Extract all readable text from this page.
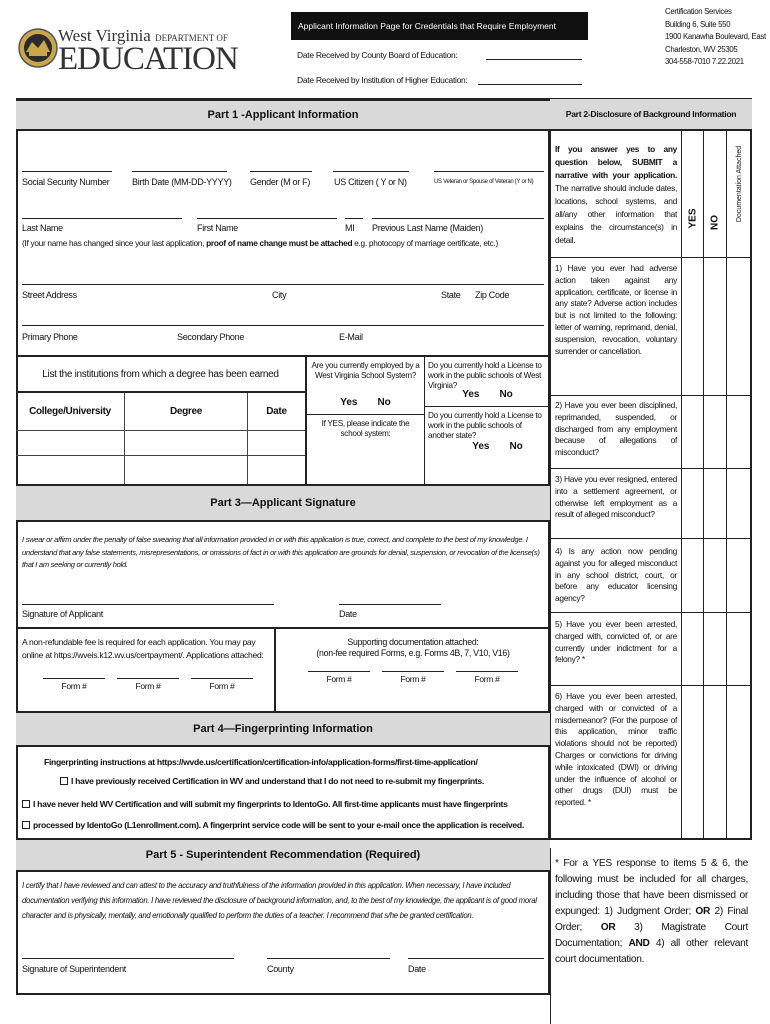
West Virginia DEPARTMENT OF
EDUCATION
Applicant Information Page for Credentials that Require Employment
Date Received by County Board of Education:
Date Received by Institution of Higher Education:
Certification Services
Building 6, Suite 550
1900 Kanawha Boulevard, East
Charleston, WV 25305
304-558-7010 7.22.2021
Part 1 -Applicant Information
Social Security Number	Birth Date (MM-DD-YYYY) Gender (M or F)	US Citizen ( Y or N)	US Veteran or Spouse of Veteran (Y or N)
Last Name	First Name	MI Previous Last Name (Maiden)
(If your name has changed since your last application, proof of name change must be attached e.g. photocopy of marriage certificate, etc.)
Street Address	City	State Zip Code
Primary Phone	Secondary Phone	E-Mail
List the institutions from which a degree has been earned
College/University	Degree	Date
Are you currently employed by a West Virginia School System?
Yes No
If YES, please indicate the school system:
Do you currently hold a License to work in the public schools of West Virginia?
Yes No
Do you currently hold a License to work in the public schools of another state?
Yes No
Part 3—Applicant Signature
I swear or affirm under the penalty of false swearing that all information provided in or with this application is true, correct, and complete to the best of my knowledge. I understand that any false statements, misrepresentations, or omissions of fact in or with this application are grounds for denial, suspension, or revocation of the license(s) that I am seeking or currently hold.
Signature of Applicant	Date
A non-refundable fee is required for each application. You may pay online at https://wveis.k12.wv.us/certpayment/. Applications attached:
Form #	Form #	Form #
Supporting documentation attached:
(non-fee required Forms, e.g. Forms 4B, 7, V10, V16)
Form #	Form #	Form #
Part 4—Fingerprinting Information
Fingerprinting instructions at https://wvde.us/certification/certification-info/application-forms/first-time-application/
I have previously received Certification in WV and understand that I do not need to re-submit my fingerprints.
I have never held WV Certification and will submit my fingerprints to IdentoGo. All first-time applicants must have fingerprints
processed by IdentoGo (L1enrollment.com). A fingerprint service code will be sent to your e-mail once the application is received.
Part 5 - Superintendent Recommendation (Required)
I certify that I have reviewed and can attest to the accuracy and truthfulness of the information provided in this application. When necessary, I have included documentation verifying this information. I have reviewed the disclosure of background information, and, to the best of my knowledge, the applicant is of good moral character and is physically, mentally, and emotionally qualified to perform the duties of a teacher. I recommend that s/he be granted certification.
Signature of Superintendent	County	Date
Part 2-Disclosure of Background Information
If you answer yes to any question below, SUBMIT a narrative with your application. The narrative should include dates, locations, school systems, and all/any other information that explains the circumstance(s) in detail.
YES NO
Documentation Attached
1) Have you ever had adverse action taken against any application, certificate, or license in any state? Adverse action includes but is not limited to the following: letter of warning, reprimand, denial, suspension, revocation, voluntary surrender or cancellation.
2) Have you ever been disciplined, reprimanded, suspended, or discharged from any employment because of allegations of misconduct?
3) Have you ever resigned, entered into a settlement agreement, or otherwise left employment as a result of alleged misconduct?
4) Is any action now pending against you for alleged misconduct in any school district, court, or before any educator licensing agency?
5) Have you ever been arrested, charged with, convicted of, or are currently under indictment for a felony? *
6) Have you ever been arrested, charged with or convicted of a misdemeanor? (For the purpose of this application, minor traffic violations should not be reported) Charges or convictions for driving while intoxicated (DWI) or driving under the influence of alcohol or other drugs (DUI) must be reported. *
* For a YES response to items 5 & 6, the following must be included for all charges, including those that have been dismissed or expunged: 1) Judgment Order; OR 2) Final Order; OR 3) Magistrate Court Documentation; AND 4) all other relevant court documentation.
